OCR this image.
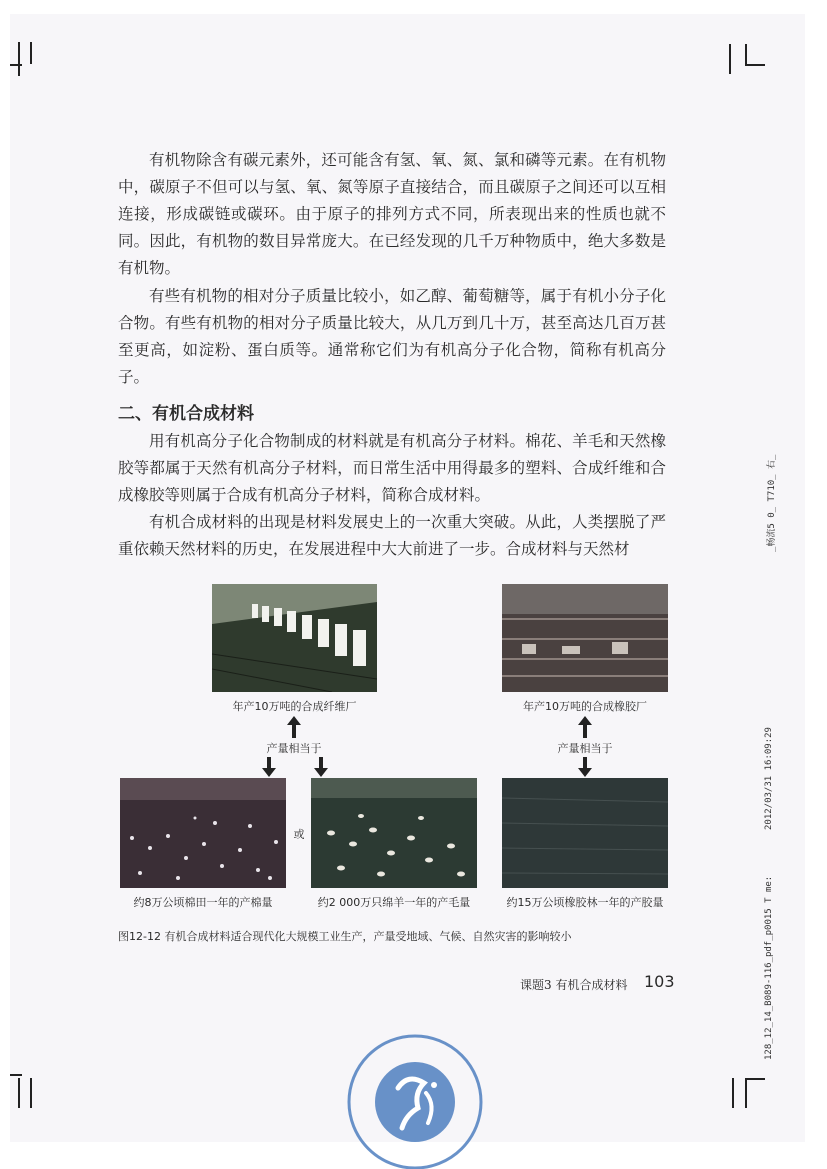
有机物除含有碳元素外，还可能含有氢、氧、氮、氯和磷等元素。在有机物中，碳原子不但可以与氢、氧、氮等原子直接结合，而且碳原子之间还可以互相连接，形成碳链或碳环。由于原子的排列方式不同，所表现出来的性质也就不同。因此，有机物的数目异常庞大。在已经发现的几千万种物质中，绝大多数是有机物。

有些有机物的相对分子质量比较小，如乙醇、葡萄糖等，属于有机小分子化合物。有些有机物的相对分子质量比较大，从几万到几十万，甚至高达几百万甚至更高，如淀粉、蛋白质等。通常称它们为有机高分子化合物，简称有机高分子。

二、有机合成材料

用有机高分子化合物制成的材料就是有机高分子材料。棉花、羊毛和天然橡胶等都属于天然有机高分子材料，而日常生活中用得最多的塑料、合成纤维和合成橡胶等则属于合成有机高分子材料，简称合成材料。

有机合成材料的出现是材料发展史上的一次重大突破。从此，人类摆脱了严重依赖天然材料的历史，在发展进程中大大前进了一步。合成材料与天然材

年产10万吨的合成纤维厂	年产10万吨的合成橡胶厂
产量相当于	产量相当于
约8万公顷棉田一年的产棉量
或
约2 000万只绵羊一年的产毛量	约15万公顷橡胶林一年的产胶量
图12-12 有机合成材料适合现代化大规模工业生产，产量受地域、气候、自然灾害的影响较小
课题3 有机合成材料 103
_畅流5 0_ T710_ 右_
2012/03/31 16:09:29
128_12_14_B089-116_pdf_p0015 T me:
